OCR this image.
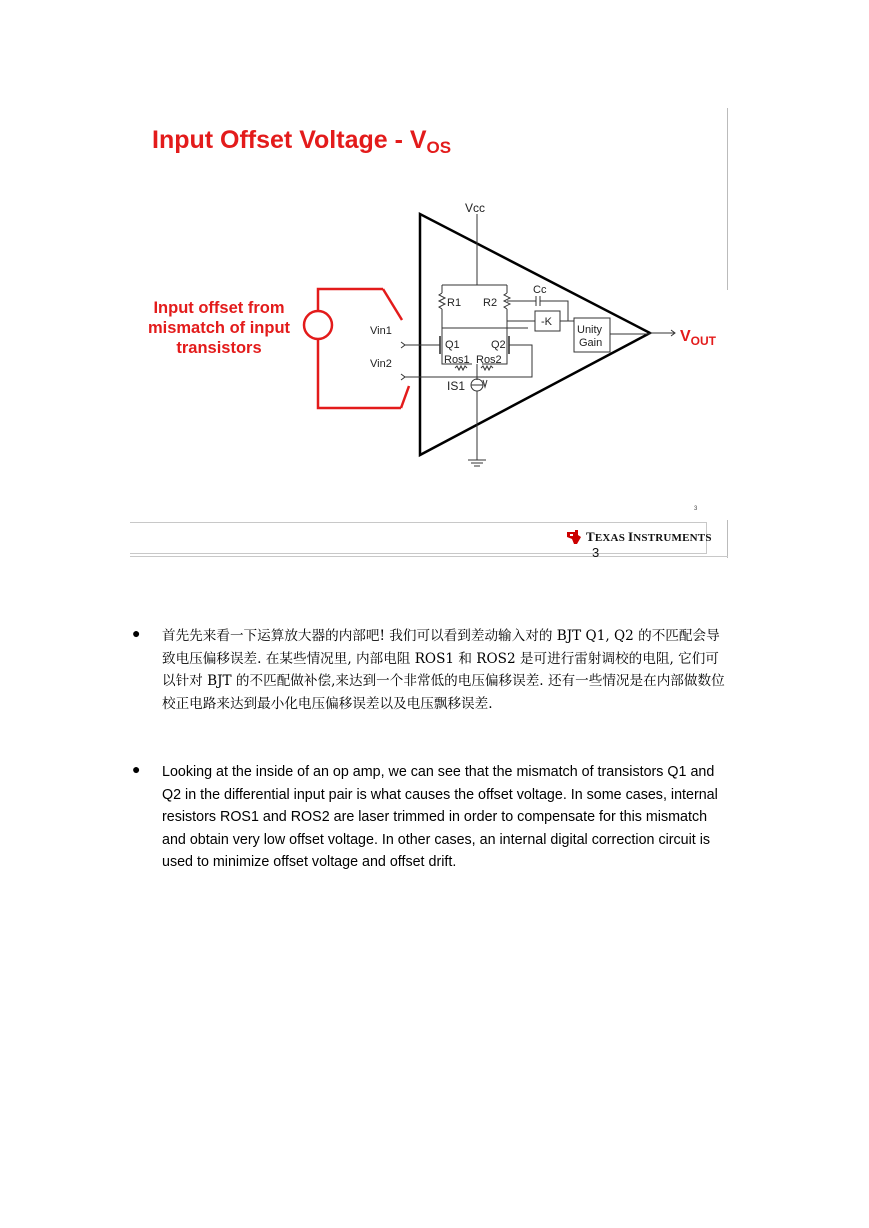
Input Offset Voltage - $V_{OS}$
Input offset from mismatch of input transistors
Vcc
R1 R2
Cc
-K
Unity
Gain
Vin1
Vin2
Q1	Q2
Ros1 Ros2
IS1
$V_{OUT}$
3
TEXAS INSTRUMENTS
3
● 首先先来看一下运算放大器的内部吧! 我们可以看到差动输入对的 BJT Q1, Q2 的不匹配会导致电压偏移误差. 在某些情况里, 内部电阻 ROS1 和 ROS2 是可进行雷射调校的电阻, 它们可以针对 BJT 的不匹配做补偿,来达到一个非常低的电压偏移误差. 还有一些情况是在内部做数位校正电路来达到最小化电压偏移误差以及电压飘移误差.
● Looking at the inside of an op amp, we can see that the mismatch of transistors Q1 and Q2 in the differential input pair is what causes the offset voltage. In some cases, internal resistors ROS1 and ROS2 are laser trimmed in order to compensate for this mismatch and obtain very low offset voltage. In other cases, an internal digital correction circuit is used to minimize offset voltage and offset drift.
